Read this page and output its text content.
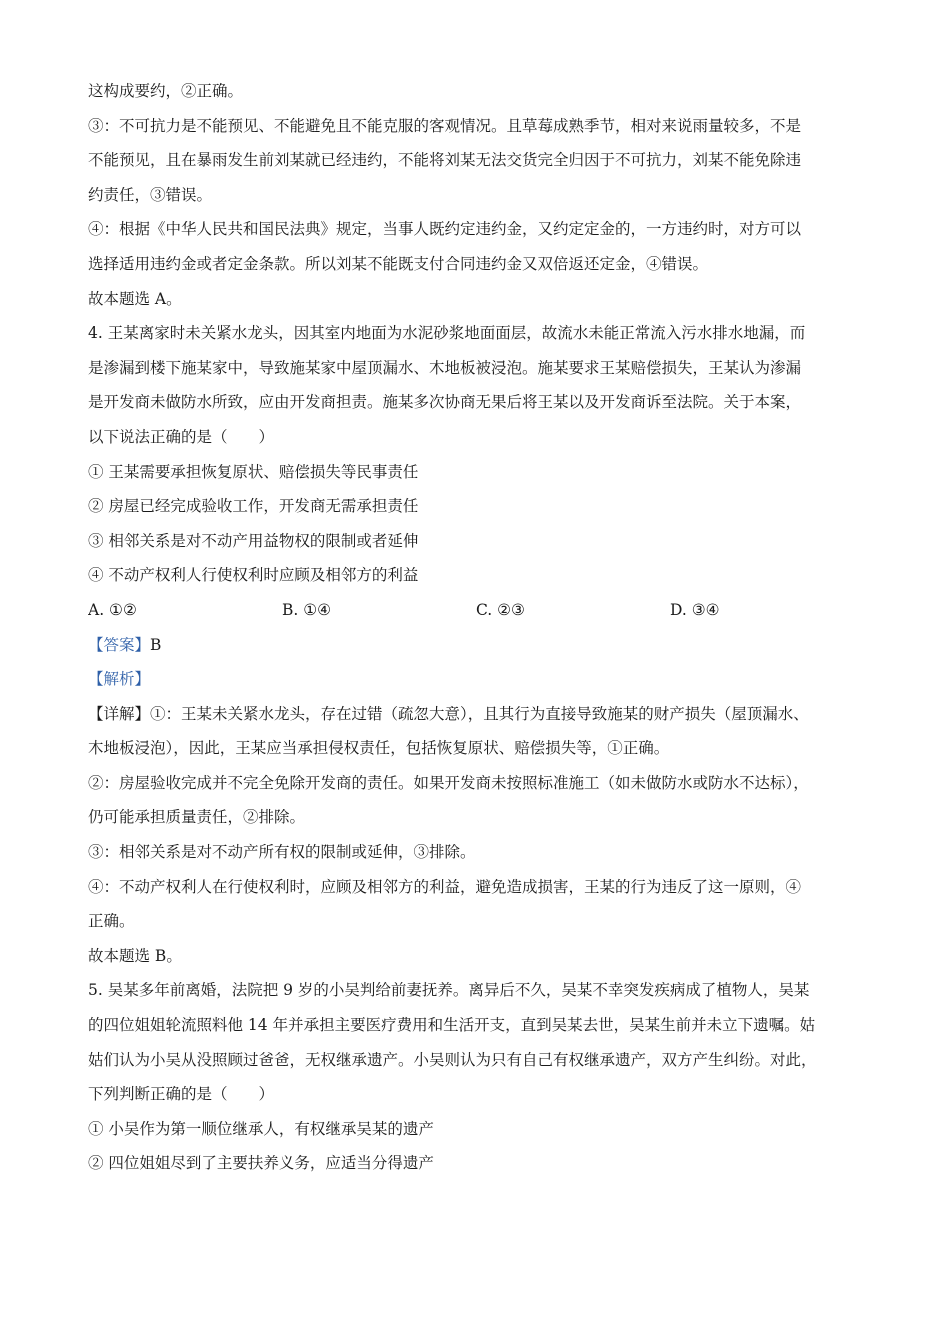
这构成要约，②正确。
③：不可抗力是不能预见、不能避免且不能克服的客观情况。且草莓成熟季节，相对来说雨量较多，不是
不能预见，且在暴雨发生前刘某就已经违约，不能将刘某无法交货完全归因于不可抗力，刘某不能免除违
约责任，③错误。
④：根据《中华人民共和国民法典》规定，当事人既约定违约金，又约定定金的，一方违约时，对方可以
选择适用违约金或者定金条款。所以刘某不能既支付合同违约金又双倍返还定金，④错误。
故本题选 A。
4. 王某离家时未关紧水龙头，因其室内地面为水泥砂浆地面面层，故流水未能正常流入污水排水地漏，而
是渗漏到楼下施某家中，导致施某家中屋顶漏水、木地板被浸泡。施某要求王某赔偿损失，王某认为渗漏
是开发商未做防水所致，应由开发商担责。施某多次协商无果后将王某以及开发商诉至法院。关于本案，
以下说法正确的是（　　）
① 王某需要承担恢复原状、赔偿损失等民事责任
② 房屋已经完成验收工作，开发商无需承担责任
③ 相邻关系是对不动产用益物权的限制或者延伸
④ 不动产权利人行使权利时应顾及相邻方的利益
A. ①②	B. ①④	C. ②③	D. ③④
【答案】B
【解析】
【详解】①：王某未关紧水龙头，存在过错（疏忽大意），且其行为直接导致施某的财产损失（屋顶漏水、
木地板浸泡），因此，王某应当承担侵权责任，包括恢复原状、赔偿损失等，①正确。
②：房屋验收完成并不完全免除开发商的责任。如果开发商未按照标准施工（如未做防水或防水不达标），
仍可能承担质量责任，②排除。
③：相邻关系是对不动产所有权的限制或延伸，③排除。
④：不动产权利人在行使权利时，应顾及相邻方的利益，避免造成损害，王某的行为违反了这一原则，④
正确。
故本题选 B。
5. 吴某多年前离婚，法院把 9 岁的小吴判给前妻抚养。离异后不久，吴某不幸突发疾病成了植物人，吴某
的四位姐姐轮流照料他 14 年并承担主要医疗费用和生活开支，直到吴某去世，吴某生前并未立下遗嘱。姑
姑们认为小吴从没照顾过爸爸，无权继承遗产。小吴则认为只有自己有权继承遗产，双方产生纠纷。对此，
下列判断正确的是（　　）
① 小吴作为第一顺位继承人，有权继承吴某的遗产
② 四位姐姐尽到了主要扶养义务，应适当分得遗产
